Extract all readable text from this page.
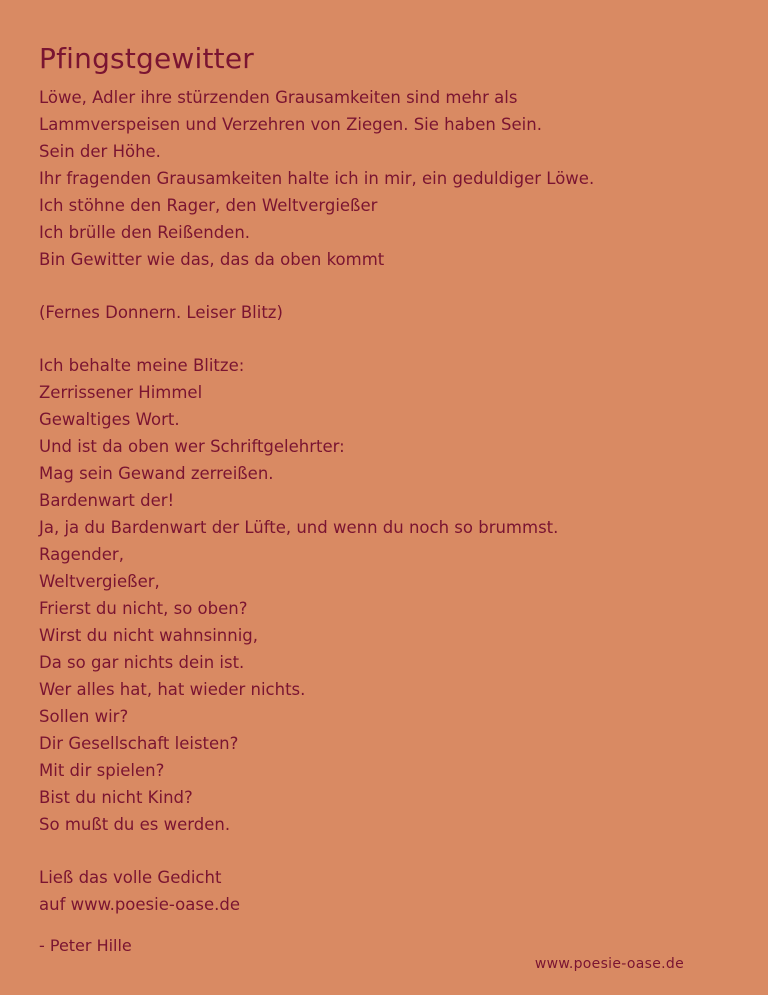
Pfingstgewitter
Löwe, Adler ihre stürzenden Grausamkeiten sind mehr als
Lammverspeisen und Verzehren von Ziegen. Sie haben Sein.
Sein der Höhe.
Ihr fragenden Grausamkeiten halte ich in mir, ein geduldiger Löwe.
Ich stöhne den Rager, den Weltvergießer
Ich brülle den Reißenden.
Bin Gewitter wie das, das da oben kommt
(Fernes Donnern. Leiser Blitz)
Ich behalte meine Blitze:
Zerrissener Himmel
Gewaltiges Wort.
Und ist da oben wer Schriftgelehrter:
Mag sein Gewand zerreißen.
Bardenwart der!
Ja, ja du Bardenwart der Lüfte, und wenn du noch so brummst.
Ragender,
Weltvergießer,
Frierst du nicht, so oben?
Wirst du nicht wahnsinnig,
Da so gar nichts dein ist.
Wer alles hat, hat wieder nichts.
Sollen wir?
Dir Gesellschaft leisten?
Mit dir spielen?
Bist du nicht Kind?
So mußt du es werden.
Ließ das volle Gedicht
auf www.poesie-oase.de
- Peter Hille
www.poesie-oase.de
